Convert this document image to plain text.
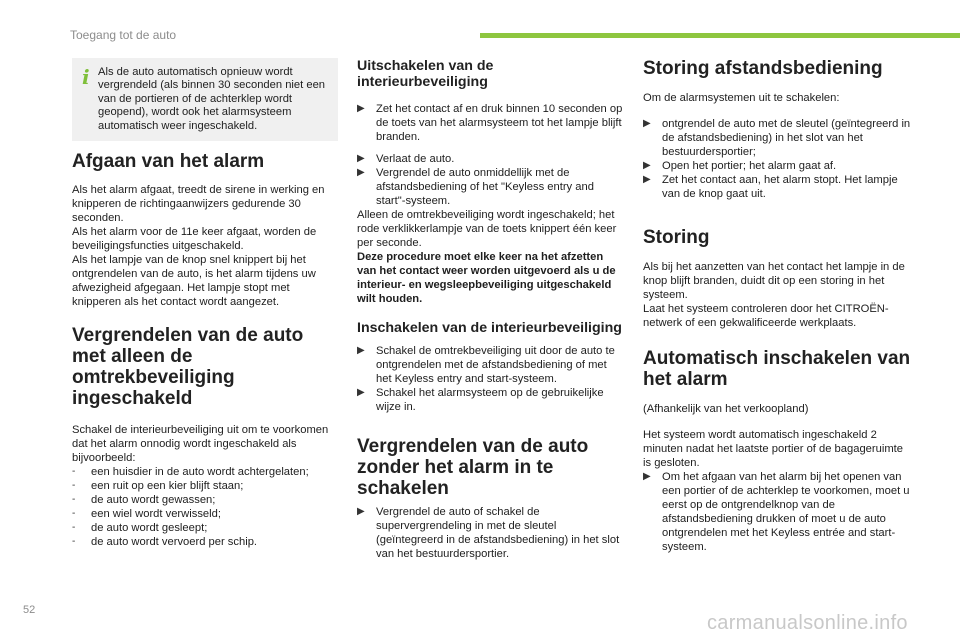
Toegang tot de auto
i Als de auto automatisch opnieuw wordt vergrendeld (als binnen 30 seconden niet een van de portieren of de achterklep wordt geopend), wordt ook het alarmsysteem automatisch weer ingeschakeld.
Afgaan van het alarm

Als het alarm afgaat, treedt de sirene in werking en knipperen de richtingaanwijzers gedurende 30 seconden.

Als het alarm voor de 11e keer afgaat, worden de beveiligingsfuncties uitgeschakeld.

Als het lampje van de knop snel knippert bij het ontgrendelen van de auto, is het alarm tijdens uw afwezigheid afgegaan. Het lampje stopt met knipperen als het contact wordt aangezet.

Vergrendelen van de auto met alleen de omtrekbeveiliging ingeschakeld

Schakel de interieurbeveiliging uit om te voorkomen dat het alarm onnodig wordt ingeschakeld als bijvoorbeeld:

- een huisdier in de auto wordt achtergelaten;
- een ruit op een kier blijft staan;
- de auto wordt gewassen;
- een wiel wordt verwisseld;
- de auto wordt gesleept;
- de auto wordt vervoerd per schip.
Uitschakelen van de interieurbeveiliging
▶ Zet het contact af en druk binnen 10 seconden op de toets van het alarmsysteem tot het lampje blijft branden.
▶ Verlaat de auto.
▶ Vergrendel de auto onmiddellijk met de afstandsbediening of het "Keyless entry and start"-systeem.

Alleen de omtrekbeveiliging wordt ingeschakeld; het rode verklikkerlampje van de toets knippert één keer per seconde.

Deze procedure moet elke keer na het afzetten van het contact weer worden uitgevoerd als u de interieur- en wegsleepbeveiliging uitgeschakeld wilt houden.

Inschakelen van de interieurbeveiliging
▶ Schakel de omtrekbeveiliging uit door de auto te ontgrendelen met de afstandsbediening of met het Keyless entry and start-systeem.
▶ Schakel het alarmsysteem op de gebruikelijke wijze in.
Vergrendelen van de auto zonder het alarm in te schakelen
▶ Vergrendel de auto of schakel de supervergrendeling in met de sleutel (geïntegreerd in de afstandsbediening) in het slot van het bestuurdersportier.
Storing afstandsbediening

Om de alarmsystemen uit te schakelen:

▶ ontgrendel de auto met de sleutel (geïntegreerd in de afstandsbediening) in het slot van het bestuurdersportier;
▶ Open het portier; het alarm gaat af.
▶ Zet het contact aan, het alarm stopt. Het lampje van de knop gaat uit.
Storing

Als bij het aanzetten van het contact het lampje in de knop blijft branden, duidt dit op een storing in het systeem.

Laat het systeem controleren door het CITROËN-netwerk of een gekwalificeerde werkplaats.

Automatisch inschakelen van het alarm

(Afhankelijk van het verkoopland)

Het systeem wordt automatisch ingeschakeld 2 minuten nadat het laatste portier of de bagageruimte is gesloten.

▶ Om het afgaan van het alarm bij het openen van een portier of de achterklep te voorkomen, moet u eerst op de ontgrendelknop van de afstandsbediening drukken of moet u de auto ontgrendelen met het Keyless entrée and start-systeem.
52
carmanualsonline.info
